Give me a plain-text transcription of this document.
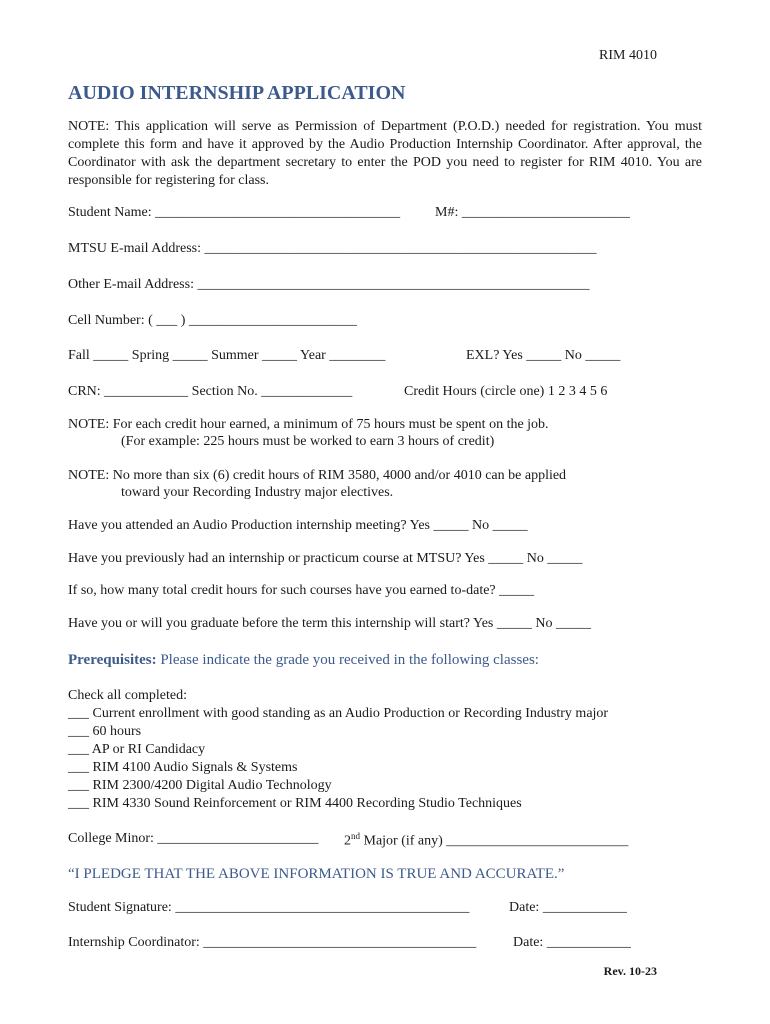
RIM 4010
AUDIO INTERNSHIP APPLICATION
NOTE: This application will serve as Permission of Department (P.O.D.) needed for registration. You must complete this form and have it approved by the Audio Production Internship Coordinator. After approval, the Coordinator with ask the department secretary to enter the POD you need to register for RIM 4010. You are responsible for registering for class.
Student Name: ___________________________________ M#: ________________________
MTSU E-mail Address: ________________________________________________________
Other E-mail Address: ________________________________________________________
Cell Number: ( ___ ) ________________________
Fall _____ Spring _____ Summer _____ Year ________	EXL? Yes _____ No _____
CRN: ____________ Section No. _____________	Credit Hours (circle one) 1 2 3 4 5 6
NOTE: For each credit hour earned, a minimum of 75 hours must be spent on the job.
(For example: 225 hours must be worked to earn 3 hours of credit)
NOTE: No more than six (6) credit hours of RIM 3580, 4000 and/or 4010 can be applied
toward your Recording Industry major electives.
Have you attended an Audio Production internship meeting? Yes _____ No _____
Have you previously had an internship or practicum course at MTSU? Yes _____ No _____
If so, how many total credit hours for such courses have you earned to-date? _____
Have you or will you graduate before the term this internship will start? Yes _____ No _____
Prerequisites: Please indicate the grade you received in the following classes:
Check all completed:
___ Current enrollment with good standing as an Audio Production or Recording Industry major
___ 60 hours
___ AP or RI Candidacy
___ RIM 4100 Audio Signals & Systems
___ RIM 2300/4200 Digital Audio Technology
___ RIM 4330 Sound Reinforcement or RIM 4400 Recording Studio Techniques
College Minor: _______________________ 2nd Major (if any) __________________________
“I PLEDGE THAT THE ABOVE INFORMATION IS TRUE AND ACCURATE.”
Student Signature: __________________________________________	Date: ____________
Internship Coordinator: _______________________________________	Date: ____________
Rev. 10-23
